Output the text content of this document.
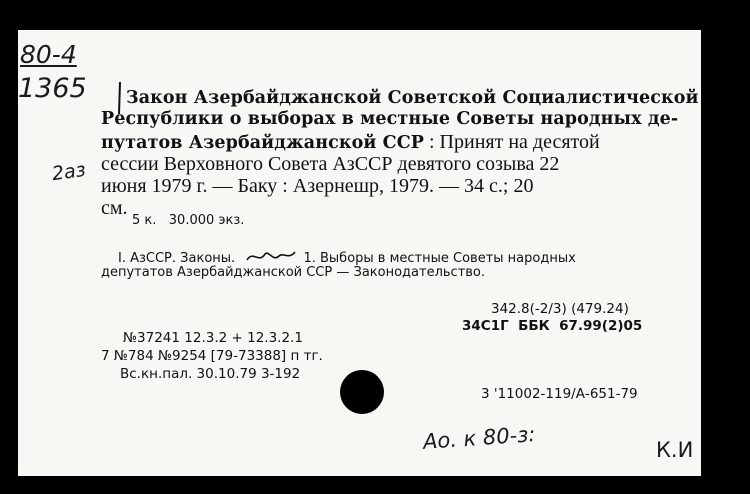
80-4
1365 Закон Азербайджанской Советской Социалистической
Республики о выборах в местные Советы народных де-
путатов Азербайджанской ССР : Принят на десятой
2аз сессии Верховного Совета АзССР девятого созыва 22
июня 1979 г. — Баку : Азернешр, 1979. — 34 с.; 20
см.
5 к.   30.000 экз.
I. АзССР. Законы.	1. Выборы в местные Советы народных
депутатов Азербайджанской ССР — Законодательство.
342.8(-2/3) (479.24)
34С1Г  ББК  67.99(2)05
№37241 12.3.2 + 12.3.2.1
7 №784 №9254 [79-73388] п тг.
Вс.кн.пал. 30.10.79 3-192
3 '11002-119/А-651-79
Ао. к 80-з:	К.И
